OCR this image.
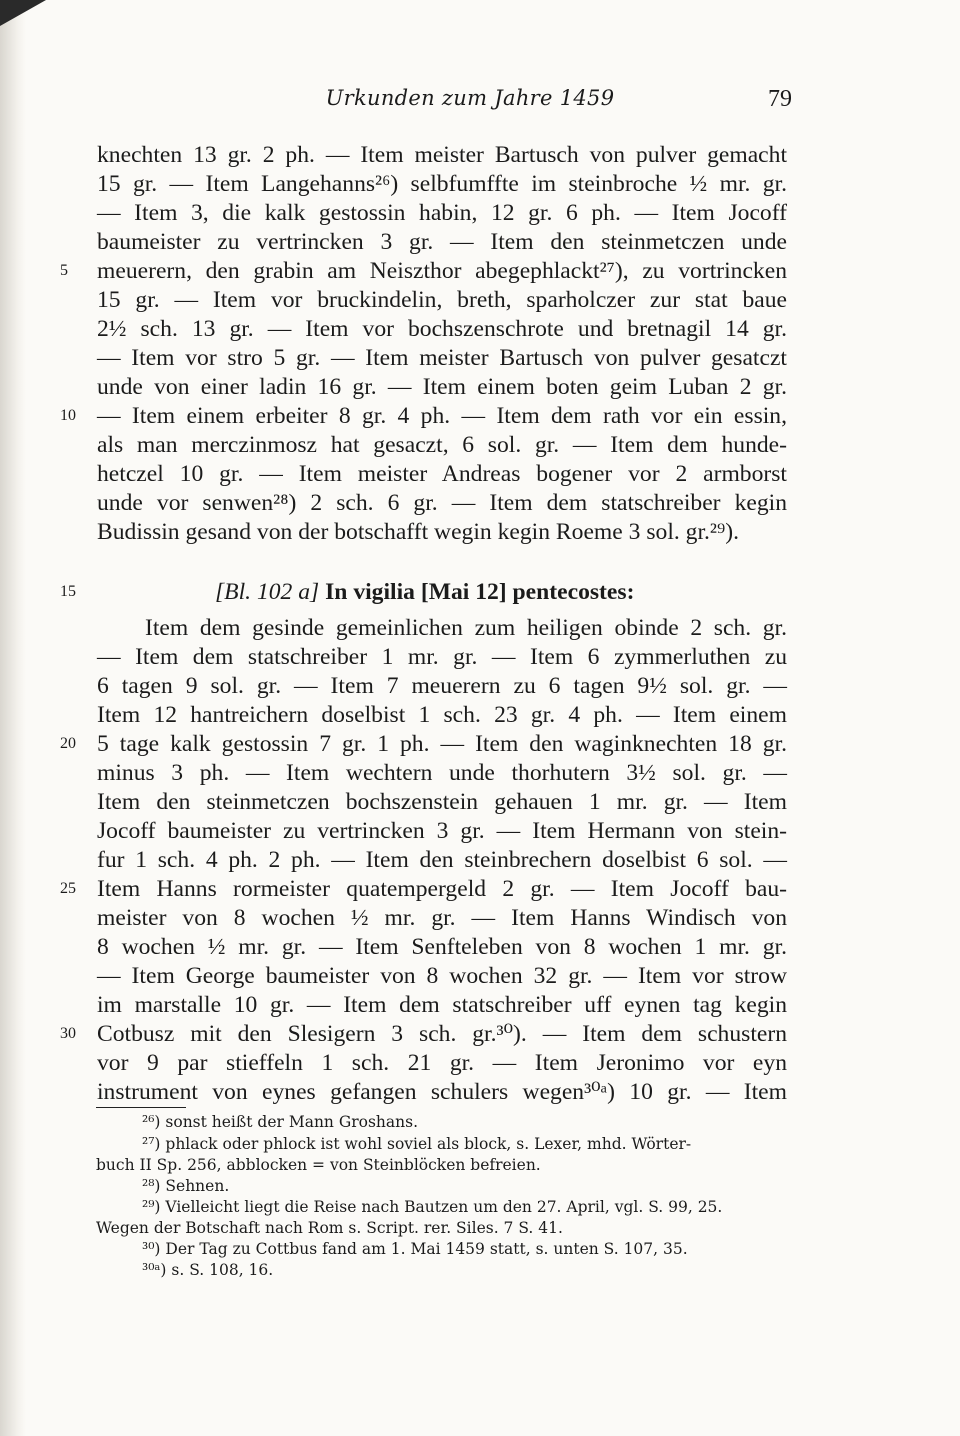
Urkunden zum Jahre 1459	79
knechten 13 gr. 2 ph. — Item meister Bartusch von pulver gemacht
15 gr. — Item Langehanns²⁶) selbfumffte im steinbroche ½ mr. gr.
— Item 3, die kalk gestossin habin, 12 gr. 6 ph. — Item Jocoff
baumeister zu vertrincken 3 gr. — Item den steinmetczen unde
5	meuerern, den grabin am Neiszthor abegephlackt²⁷), zu vortrincken
15 gr. — Item vor bruckindelin, breth, sparholczer zur stat baue
2½ sch. 13 gr. — Item vor bochszenschrote und bretnagil 14 gr.
— Item vor stro 5 gr. — Item meister Bartusch von pulver gesatczt
unde von einer ladin 16 gr. — Item einem boten geim Luban 2 gr.
10 — Item einem erbeiter 8 gr. 4 ph. — Item dem rath vor ein essin,
als man merczinmosz hat gesaczt, 6 sol. gr. — Item dem hunde-
hetczel 10 gr. — Item meister Andreas bogener vor 2 armborst
unde vor senwen²⁸) 2 sch. 6 gr. — Item dem statschreiber kegin
Budissin gesand von der botschafft wegin kegin Roeme 3 sol. gr.²⁹).
15	[Bl. 102 a] In vigilia [Mai 12] pentecostes:
Item dem gesinde gemeinlichen zum heiligen obinde 2 sch. gr.
— Item dem statschreiber 1 mr. gr. — Item 6 zymmerluthen zu
6 tagen 9 sol. gr. — Item 7 meuerern zu 6 tagen 9½ sol. gr. —
Item 12 hantreichern doselbist 1 sch. 23 gr. 4 ph. — Item einem
20 5 tage kalk gestossin 7 gr. 1 ph. — Item den waginknechten 18 gr.
minus 3 ph. — Item wechtern unde thorhutern 3½ sol. gr. —
Item den steinmetczen bochszenstein gehauen 1 mr. gr. — Item
Jocoff baumeister zu vertrincken 3 gr. — Item Hermann von stein-
fur 1 sch. 4 ph. 2 ph. — Item den steinbrechern doselbist 6 sol. —
25 Item Hanns rormeister quatempergeld 2 gr. — Item Jocoff bau-
meister von 8 wochen ½ mr. gr. — Item Hanns Windisch von
8 wochen ½ mr. gr. — Item Senfteleben von 8 wochen 1 mr. gr.
— Item George baumeister von 8 wochen 32 gr. — Item vor strow
im marstalle 10 gr. — Item dem statschreiber uff eynen tag kegin
30 Cotbusz mit den Slesigern 3 sch. gr.³⁰). — Item dem schustern
vor 9 par stieffeln 1 sch. 21 gr. — Item Jeronimo vor eyn
instrument von eynes gefangen schulers wegen³⁰ᵃ) 10 gr. — Item
²⁶) sonst heißt der Mann Groshans.
²⁷) phlack oder phlock ist wohl soviel als block, s. Lexer, mhd. Wörter-
buch II Sp. 256, abblocken = von Steinblöcken befreien.
²⁸) Sehnen.
²⁹) Vielleicht liegt die Reise nach Bautzen um den 27. April, vgl. S. 99, 25.
Wegen der Botschaft nach Rom s. Script. rer. Siles. 7 S. 41.
³⁰) Der Tag zu Cottbus fand am 1. Mai 1459 statt, s. unten S. 107, 35.
³⁰ᵃ) s. S. 108, 16.
